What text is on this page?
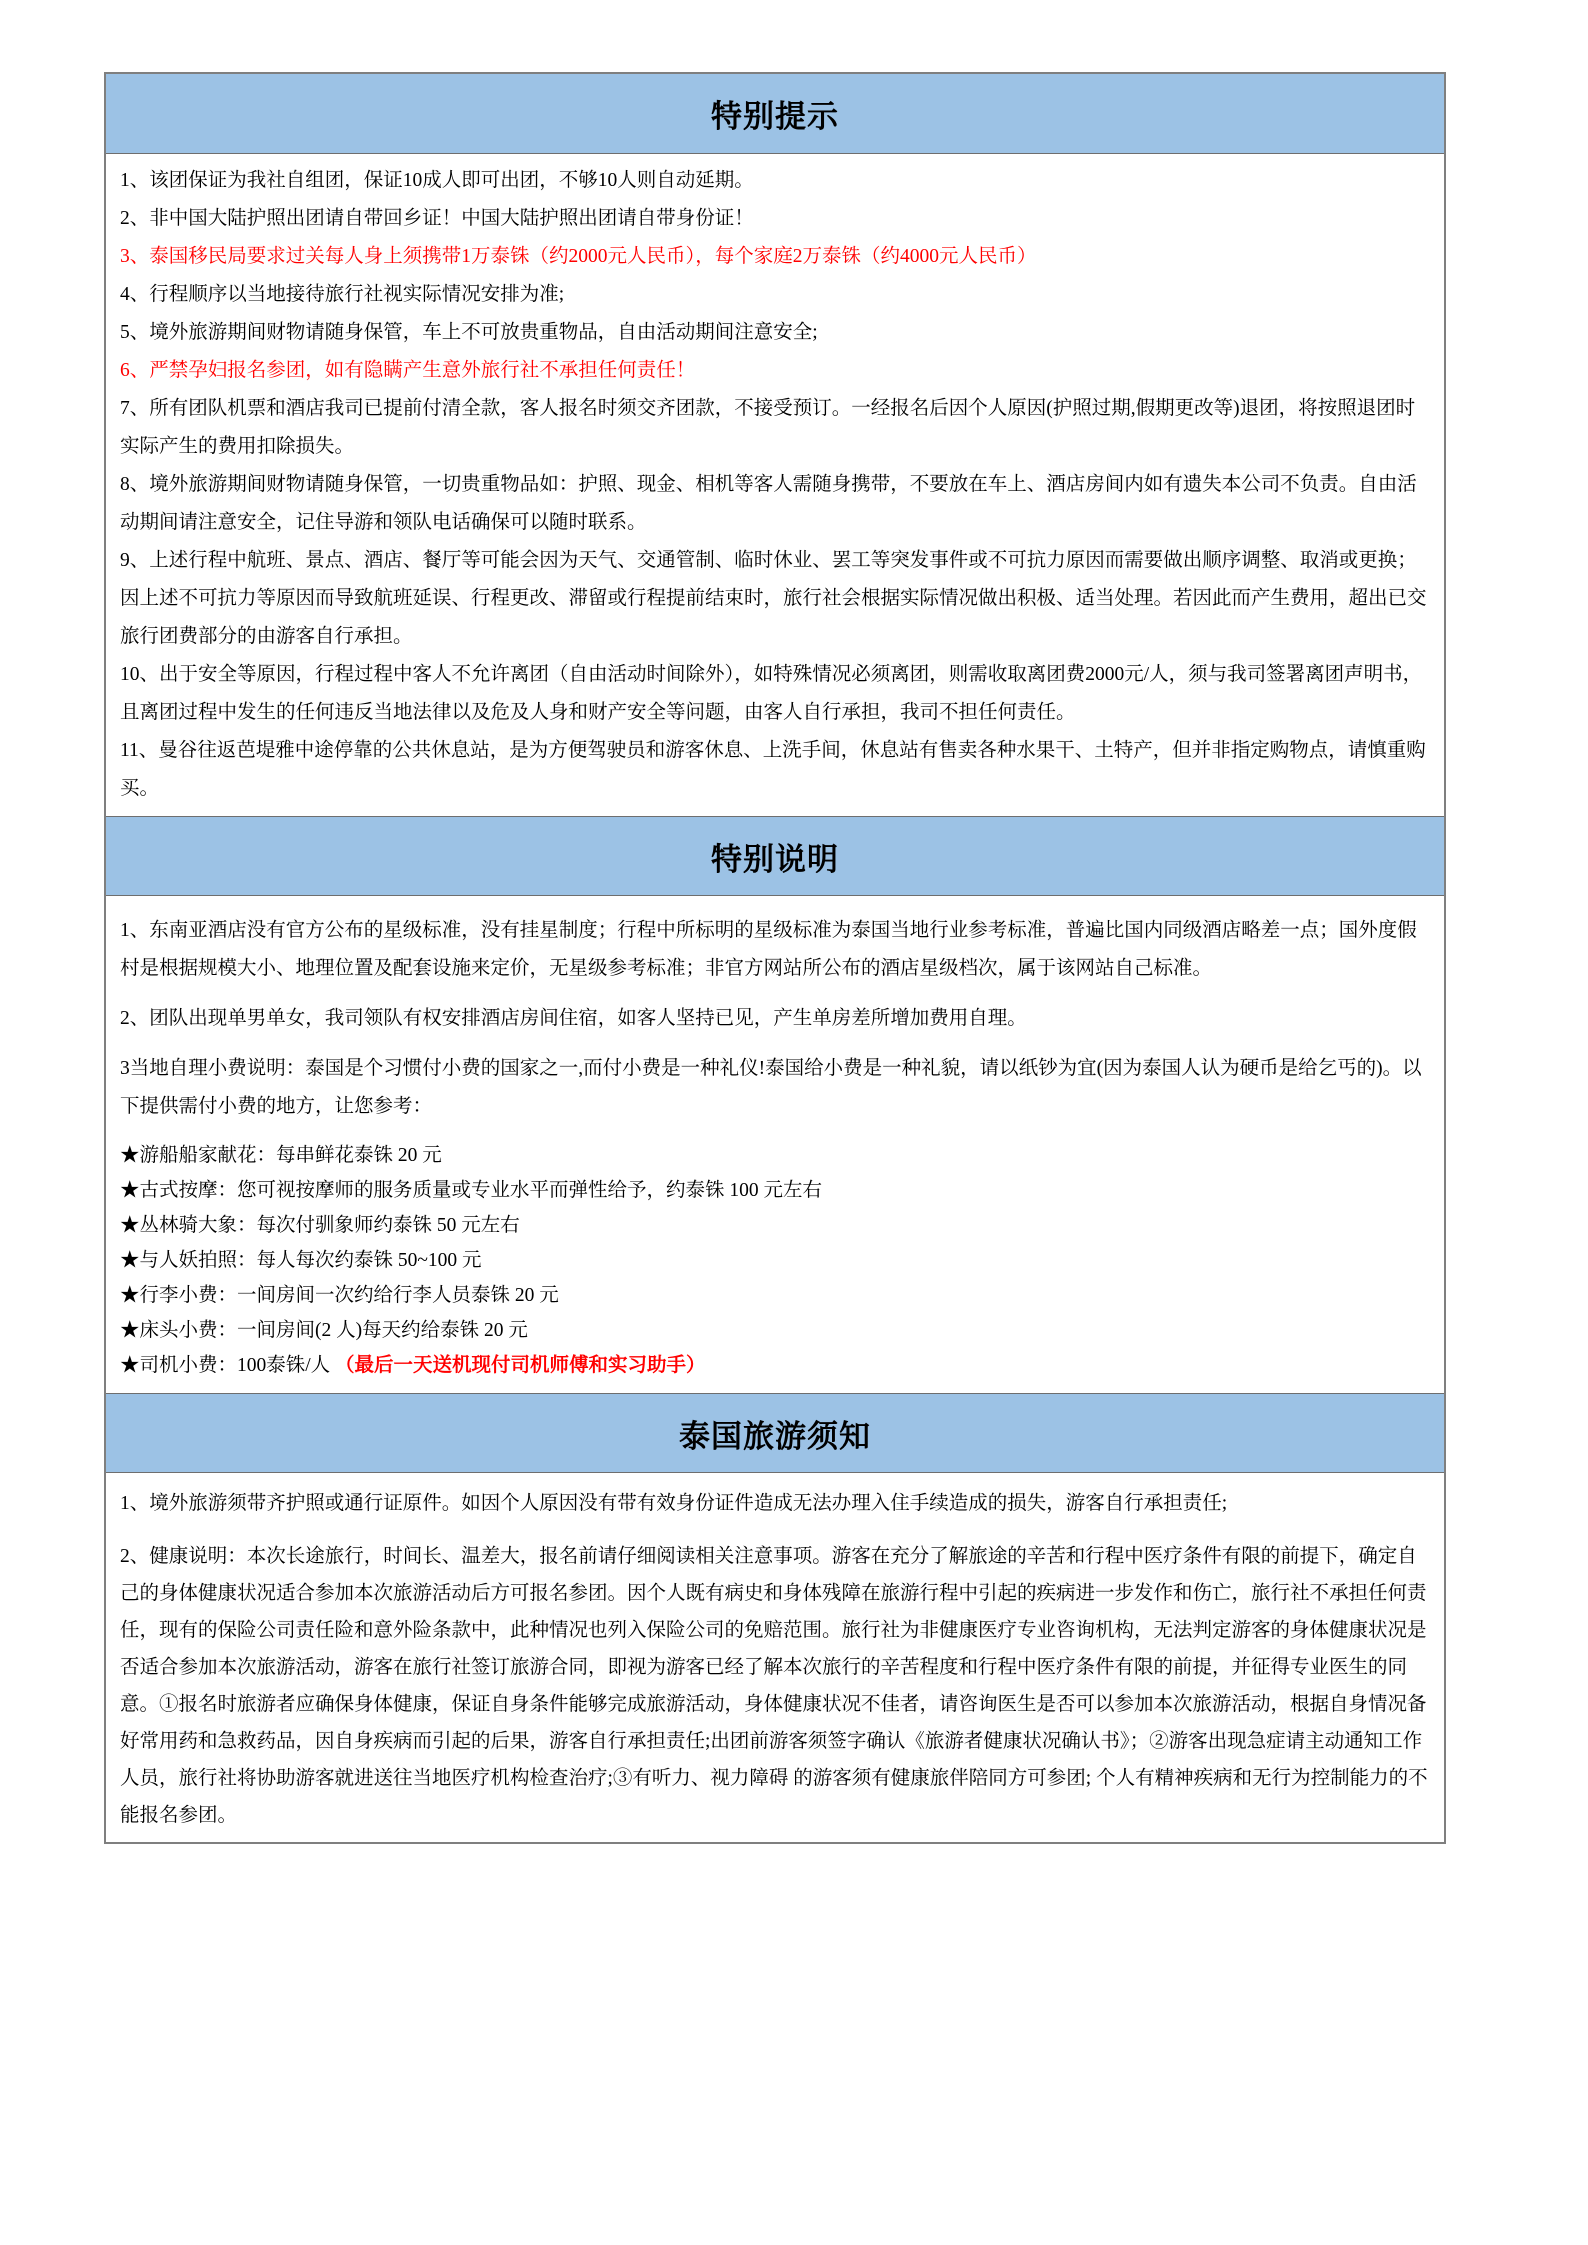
特别提示
1、该团保证为我社自组团，保证10成人即可出团，不够10人则自动延期。
2、非中国大陆护照出团请自带回乡证！中国大陆护照出团请自带身份证！
3、泰国移民局要求过关每人身上须携带1万泰铢（约2000元人民币），每个家庭2万泰铢（约4000元人民币）
4、行程顺序以当地接待旅行社视实际情况安排为准;
5、境外旅游期间财物请随身保管，车上不可放贵重物品，自由活动期间注意安全;
6、严禁孕妇报名参团，如有隐瞒产生意外旅行社不承担任何责任！
7、所有团队机票和酒店我司已提前付清全款，客人报名时须交齐团款，不接受预订。一经报名后因个人原因(护照过期,假期更改等)退团，将按照退团时实际产生的费用扣除损失。
8、境外旅游期间财物请随身保管，一切贵重物品如：护照、现金、相机等客人需随身携带，不要放在车上、酒店房间内如有遗失本公司不负责。自由活动期间请注意安全，记住导游和领队电话确保可以随时联系。
9、上述行程中航班、景点、酒店、餐厅等可能会因为天气、交通管制、临时休业、罢工等突发事件或不可抗力原因而需要做出顺序调整、取消或更换；因上述不可抗力等原因而导致航班延误、行程更改、滞留或行程提前结束时，旅行社会根据实际情况做出积极、适当处理。若因此而产生费用，超出已交旅行团费部分的由游客自行承担。
10、出于安全等原因，行程过程中客人不允许离团（自由活动时间除外），如特殊情况必须离团，则需收取离团费2000元/人，须与我司签署离团声明书，且离团过程中发生的任何违反当地法律以及危及人身和财产安全等问题，由客人自行承担，我司不担任何责任。
11、曼谷往返芭堤雅中途停靠的公共休息站，是为方便驾驶员和游客休息、上洗手间，休息站有售卖各种水果干、土特产，但并非指定购物点，请慎重购买。
特别说明
1、东南亚酒店没有官方公布的星级标准，没有挂星制度；行程中所标明的星级标准为泰国当地行业参考标准，普遍比国内同级酒店略差一点；国外度假村是根据规模大小、地理位置及配套设施来定价，无星级参考标准；非官方网站所公布的酒店星级档次，属于该网站自己标准。
2、团队出现单男单女，我司领队有权安排酒店房间住宿，如客人坚持已见，产生单房差所增加费用自理。
3当地自理小费说明：泰国是个习惯付小费的国家之一,而付小费是一种礼仪!泰国给小费是一种礼貌，请以纸钞为宜(因为泰国人认为硬币是给乞丐的)。以下提供需付小费的地方，让您参考：
★游船船家献花：每串鲜花泰铢 20 元
★古式按摩：您可视按摩师的服务质量或专业水平而弹性给予，约泰铢 100 元左右
★丛林骑大象：每次付驯象师约泰铢 50 元左右
★与人妖拍照：每人每次约泰铢 50~100 元
★行李小费：一间房间一次约给行李人员泰铢 20 元
★床头小费：一间房间(2 人)每天约给泰铢 20 元
★司机小费：100泰铢/人 （最后一天送机现付司机师傅和实习助手）
泰国旅游须知
1、境外旅游须带齐护照或通行证原件。如因个人原因没有带有效身份证件造成无法办理入住手续造成的损失，游客自行承担责任;
2、健康说明：本次长途旅行，时间长、温差大，报名前请仔细阅读相关注意事项。游客在充分了解旅途的辛苦和行程中医疗条件有限的前提下，确定自己的身体健康状况适合参加本次旅游活动后方可报名参团。因个人既有病史和身体残障在旅游行程中引起的疾病进一步发作和伤亡，旅行社不承担任何责任，现有的保险公司责任险和意外险条款中，此种情况也列入保险公司的免赔范围。旅行社为非健康医疗专业咨询机构，无法判定游客的身体健康状况是否适合参加本次旅游活动，游客在旅行社签订旅游合同，即视为游客已经了解本次旅行的辛苦程度和行程中医疗条件有限的前提，并征得专业医生的同意。①报名时旅游者应确保身体健康，保证自身条件能够完成旅游活动，身体健康状况不佳者，请咨询医生是否可以参加本次旅游活动，根据自身情况备好常用药和急救药品，因自身疾病而引起的后果，游客自行承担责任;出团前游客须签字确认《旅游者健康状况确认书》；②游客出现急症请主动通知工作人员，旅行社将协助游客就进送往当地医疗机构检查治疗;③有听力、视力障碍 的游客须有健康旅伴陪同方可参团; 个人有精神疾病和无行为控制能力的不能报名参团。
